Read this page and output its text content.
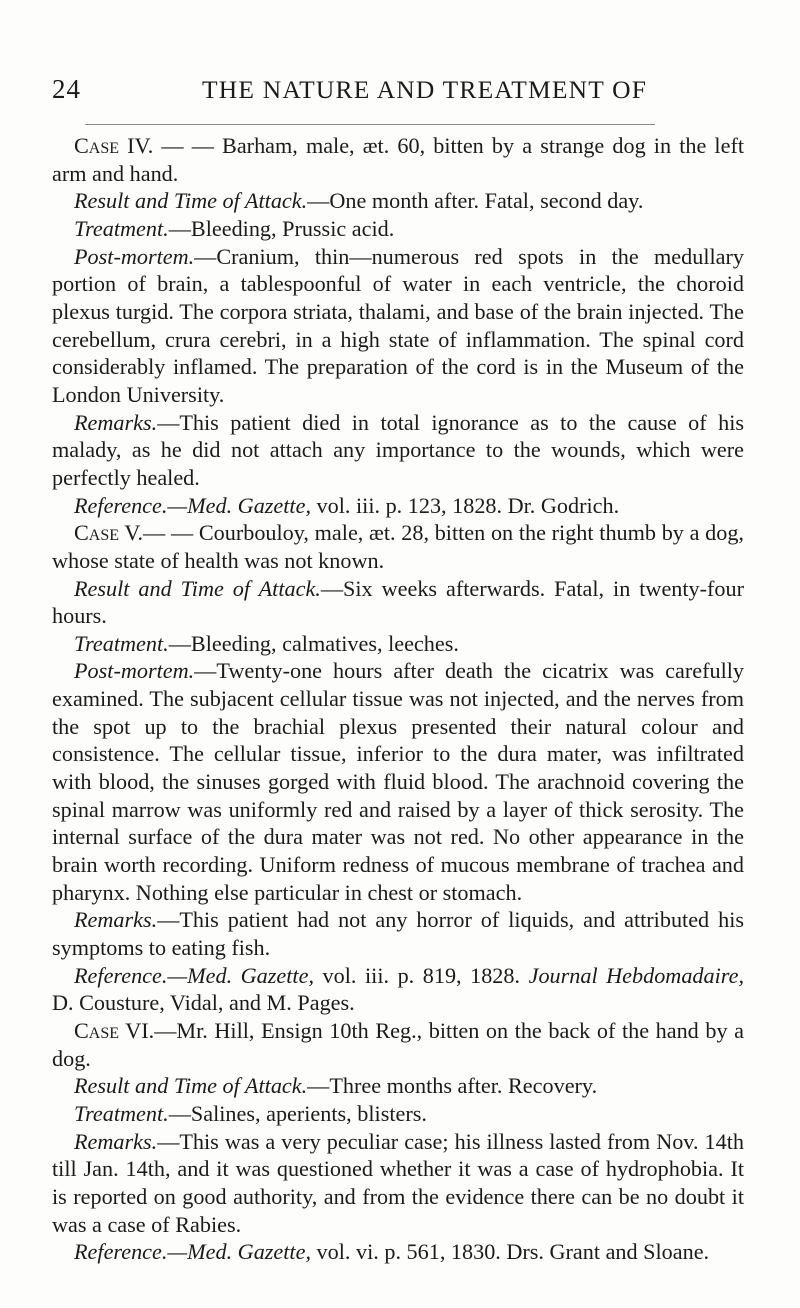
24	THE NATURE AND TREATMENT OF

Case IV. — — Barham, male, æt. 60, bitten by a strange dog in the left arm and hand.

Result and Time of Attack.—One month after. Fatal, second day.

Treatment.—Bleeding, Prussic acid.

Post-mortem.—Cranium, thin—numerous red spots in the medullary portion of brain, a tablespoonful of water in each ventricle, the choroid plexus turgid. The corpora striata, thalami, and base of the brain injected. The cerebellum, crura cerebri, in a high state of inflammation. The spinal cord considerably inflamed. The preparation of the cord is in the Museum of the London University.

Remarks.—This patient died in total ignorance as to the cause of his malady, as he did not attach any importance to the wounds, which were perfectly healed.

Reference.—Med. Gazette, vol. iii. p. 123, 1828. Dr. Godrich.

Case V.— — Courbouloy, male, æt. 28, bitten on the right thumb by a dog, whose state of health was not known.

Result and Time of Attack.—Six weeks afterwards. Fatal, in twenty-four hours.

Treatment.—Bleeding, calmatives, leeches.

Post-mortem.—Twenty-one hours after death the cicatrix was carefully examined. The subjacent cellular tissue was not injected, and the nerves from the spot up to the brachial plexus presented their natural colour and consistence. The cellular tissue, inferior to the dura mater, was infiltrated with blood, the sinuses gorged with fluid blood. The arachnoid covering the spinal marrow was uniformly red and raised by a layer of thick serosity. The internal surface of the dura mater was not red. No other appearance in the brain worth recording. Uniform redness of mucous membrane of trachea and pharynx. Nothing else particular in chest or stomach.

Remarks.—This patient had not any horror of liquids, and attributed his symptoms to eating fish.

Reference.—Med. Gazette, vol. iii. p. 819, 1828. Journal Hebdomadaire, D. Cousture, Vidal, and M. Pages.

Case VI.—Mr. Hill, Ensign 10th Reg., bitten on the back of the hand by a dog.

Result and Time of Attack.—Three months after. Recovery.

Treatment.—Salines, aperients, blisters.

Remarks.—This was a very peculiar case; his illness lasted from Nov. 14th till Jan. 14th, and it was questioned whether it was a case of hydrophobia. It is reported on good authority, and from the evidence there can be no doubt it was a case of Rabies.

Reference.—Med. Gazette, vol. vi. p. 561, 1830. Drs. Grant and Sloane.
